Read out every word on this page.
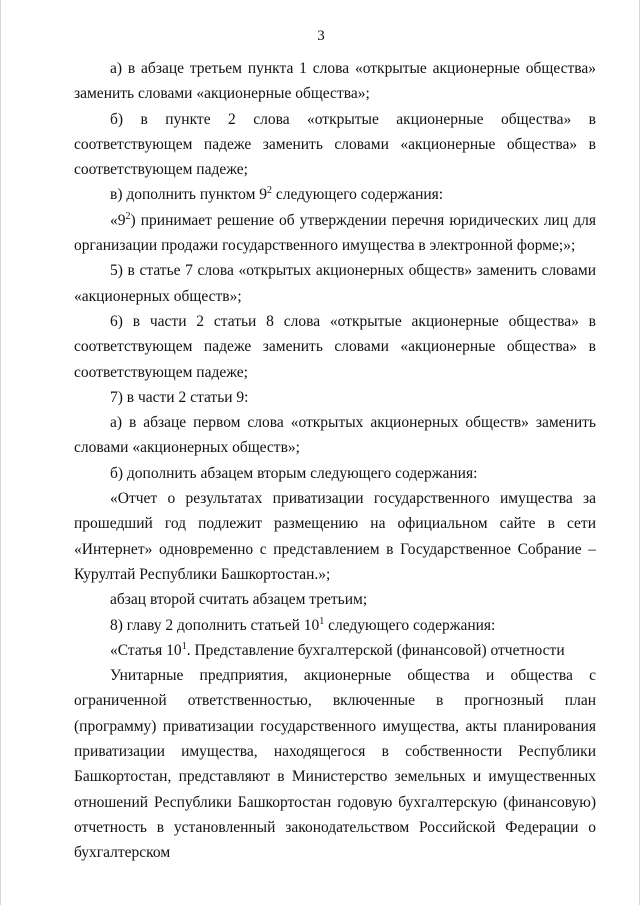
3

а) в абзаце третьем пункта 1 слова «открытые акционерные общества» заменить словами «акционерные общества»;

б) в пункте 2 слова «открытые акционерные общества» в соответствующем падеже заменить словами «акционерные общества» в соответствующем падеже;

в) дополнить пунктом $9^2$ следующего содержания:

«$9^2$) принимает решение об утверждении перечня юридических лиц для организации продажи государственного имущества в электронной форме;»;

5) в статье 7 слова «открытых акционерных обществ» заменить словами «акционерных обществ»;

6) в части 2 статьи 8 слова «открытые акционерные общества» в соответствующем падеже заменить словами «акционерные общества» в соответствующем падеже;

7) в части 2 статьи 9:

а) в абзаце первом слова «открытых акционерных обществ» заменить словами «акционерных обществ»;

б) дополнить абзацем вторым следующего содержания:

«Отчет о результатах приватизации государственного имущества за прошедший год подлежит размещению на официальном сайте в сети «Интернет» одновременно с представлением в Государственное Собрание – Курултай Республики Башкортостан.»;

абзац второй считать абзацем третьим;

8) главу 2 дополнить статьей $10^1$ следующего содержания:

«Статья $10^1$. Представление бухгалтерской (финансовой) отчетности

Унитарные предприятия, акционерные общества и общества с ограниченной ответственностью, включенные в прогнозный план (программу) приватизации государственного имущества, акты планирования приватизации имущества, находящегося в собственности Республики Башкортостан, представляют в Министерство земельных и имущественных отношений Республики Башкортостан годовую бухгалтерскую (финансовую) отчетность в установленный законодательством Российской Федерации о бухгалтерском
